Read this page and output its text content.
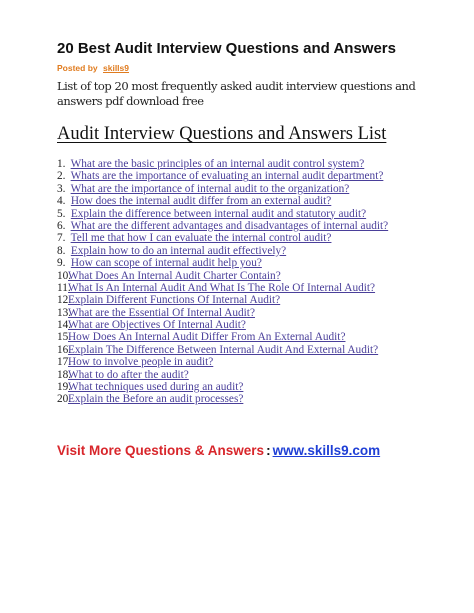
20 Best Audit Interview Questions and Answers
Posted by skills9
List of top 20 most frequently asked audit interview questions and answers pdf download free
Audit Interview Questions and Answers List
1. What are the basic principles of an internal audit control system?
2. Whats are the importance of evaluating an internal audit department?
3. What are the importance of internal audit to the organization?
4. How does the internal audit differ from an external audit?
5. Explain the difference between internal audit and statutory audit?
6. What are the different advantages and disadvantages of internal audit?
7. Tell me that how I can evaluate the internal control audit?
8. Explain how to do an internal audit effectively?
9. How can scope of internal audit help you?
10.What Does An Internal Audit Charter Contain?
11.What Is An Internal Audit And What Is The Role Of Internal Audit?
12.Explain Different Functions Of Internal Audit?
13.What are the Essential Of Internal Audit?
14.What are Objectives Of Internal Audit?
15.How Does An Internal Audit Differ From An External Audit?
16.Explain The Difference Between Internal Audit And External Audit?
17.How to involve people in audit?
18.What to do after the audit?
19.What techniques used during an audit?
20.Explain the Before an audit processes?
Visit More Questions & Answers : www.skills9.com
